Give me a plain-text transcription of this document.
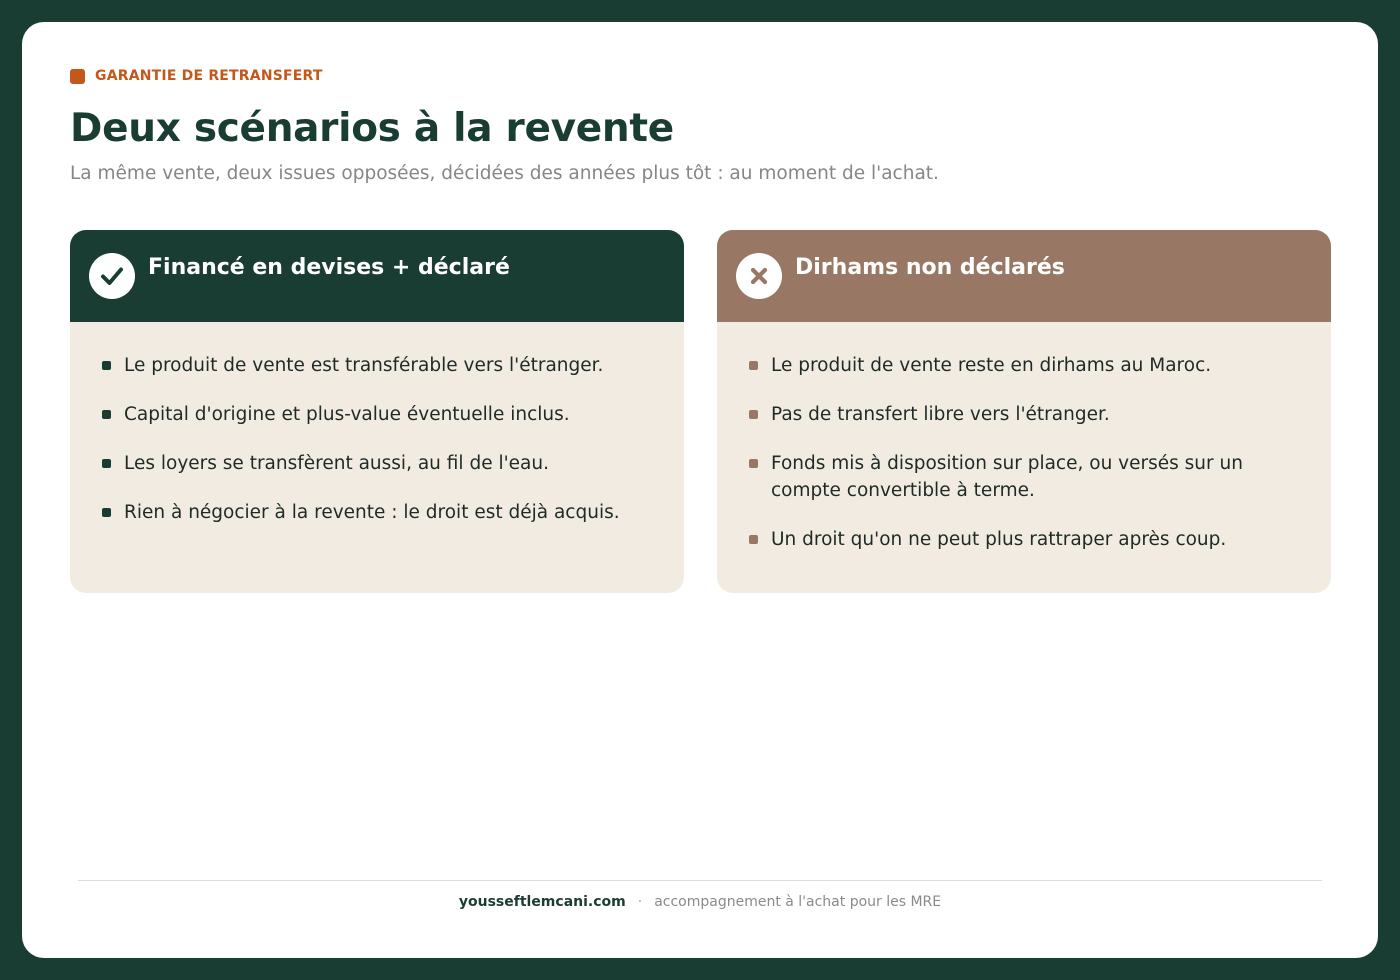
GARANTIE DE RETRANSFERT
Deux scénarios à la revente

La même vente, deux issues opposées, décidées des années plus tôt : au moment de l'achat.

Financé en devises + déclaré
Le produit de vente est transférable vers l'étranger.
Capital d'origine et plus-value éventuelle inclus.
Les loyers se transfèrent aussi, au fil de l'eau.
Rien à négocier à la revente : le droit est déjà acquis.
Dirhams non déclarés
Le produit de vente reste en dirhams au Maroc.
Pas de transfert libre vers l'étranger.
Fonds mis à disposition sur place, ou versés sur un compte convertible à terme.
Un droit qu'on ne peut plus rattraper après coup.
yousseftlemcani.com · accompagnement à l'achat pour les MRE
